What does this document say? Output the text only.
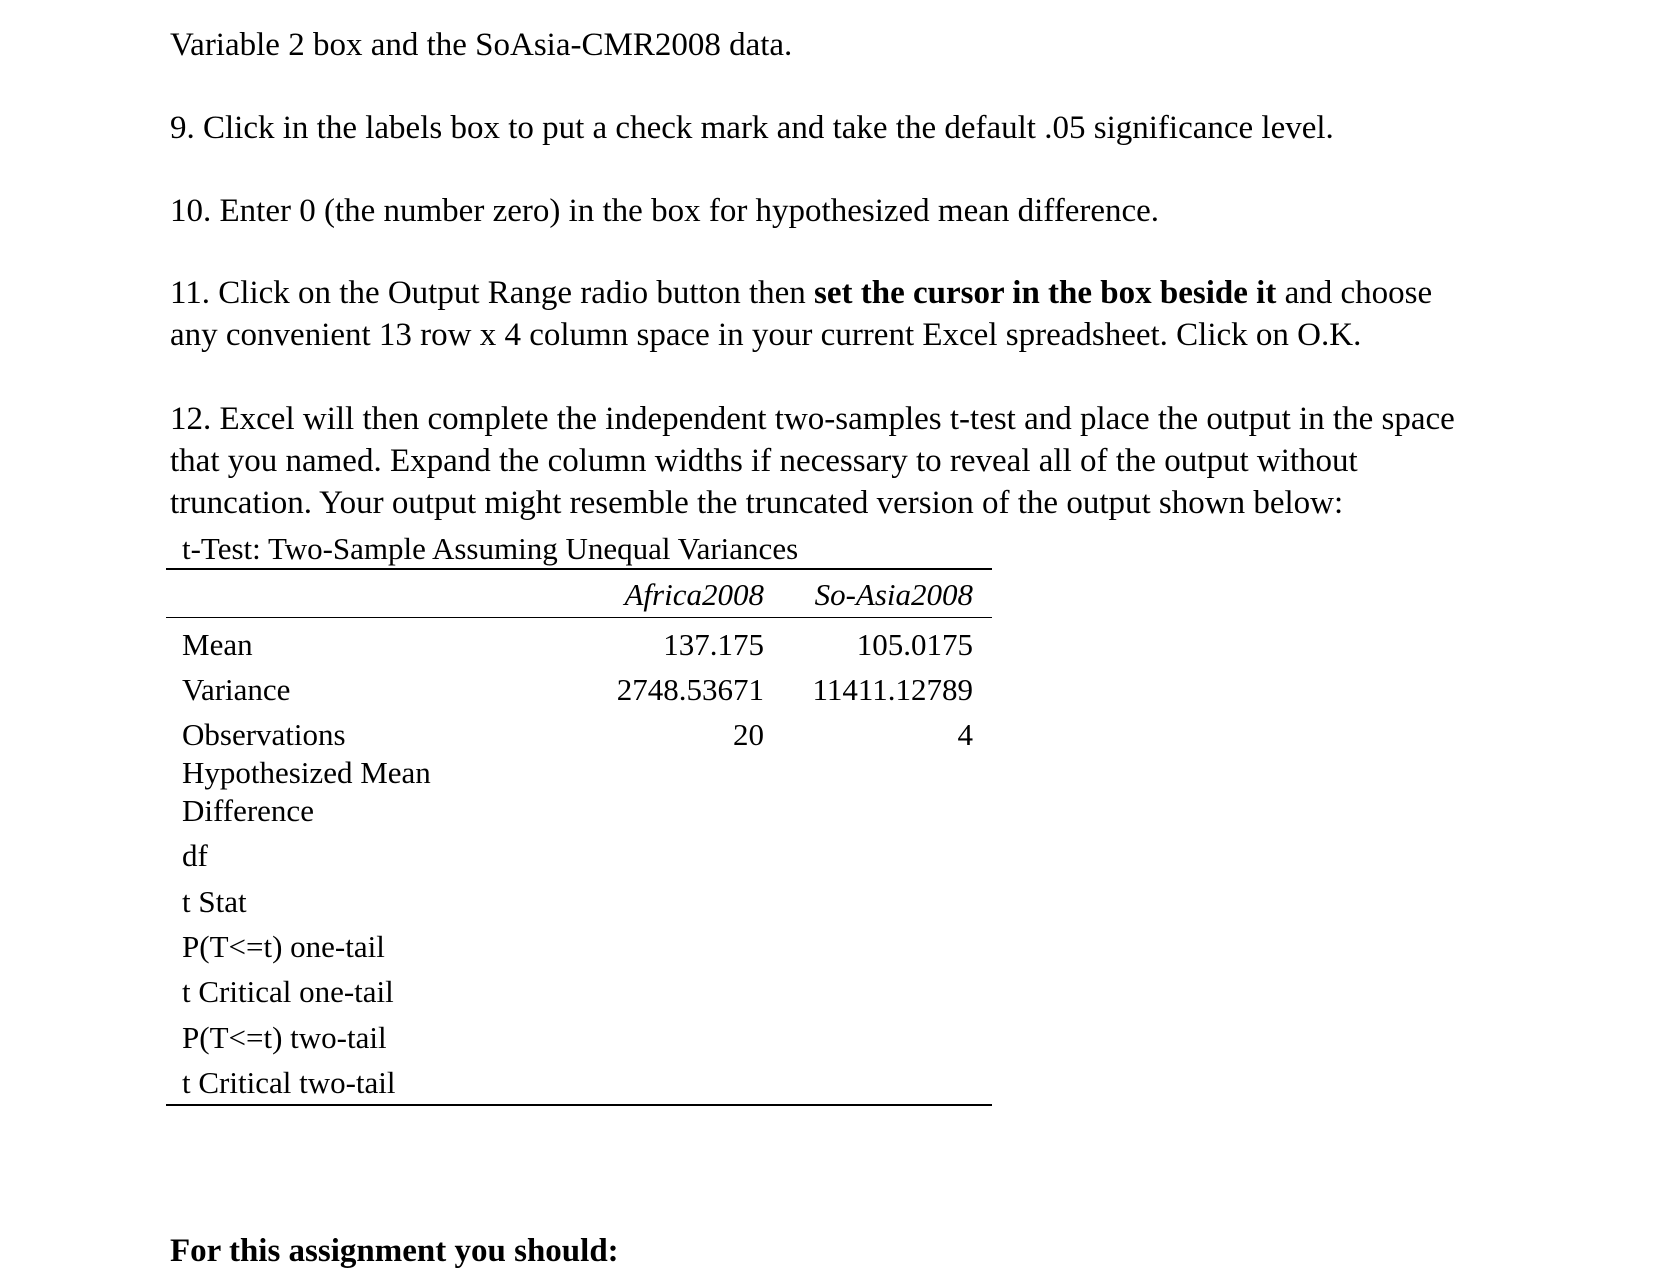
Variable 2 box and the SoAsia-CMR2008 data.

9. Click in the labels box to put a check mark and take the default .05 significance level.

10. Enter 0 (the number zero) in the box for hypothesized mean difference.

11. Click on the Output Range radio button then set the cursor in the box beside it and choose

any convenient 13 row x 4 column space in your current Excel spreadsheet. Click on O.K.

12. Excel will then complete the independent two-samples t-test and place the output in the space

that you named. Expand the column widths if necessary to reveal all of the output without

truncation. Your output might resemble the truncated version of the output shown below:

t-Test: Two-Sample Assuming Unequal Variances
Africa2008 So-Asia2008
Mean	137.175	105.0175
Variance	2748.53671 11411.12789
Observations	20	4
Hypothesized Mean
Difference
df
t Stat
P(T<=t) one-tail
t Critical one-tail
P(T<=t) two-tail
t Critical two-tail

For this assignment you should:
